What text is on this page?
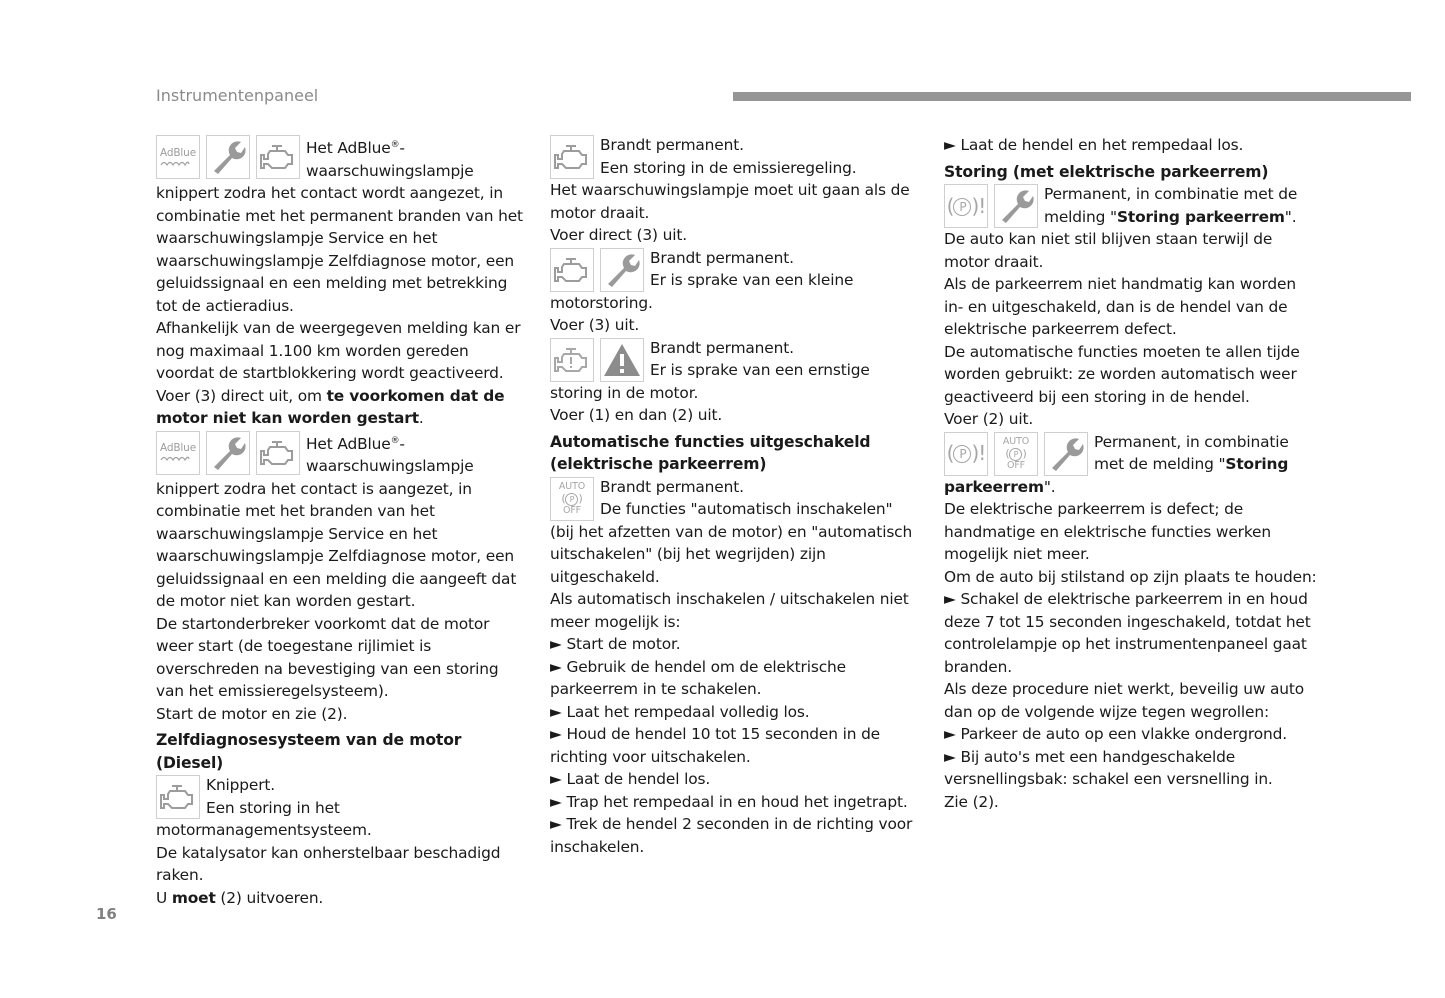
Instrumentenpaneel
AdBlue	Het AdBlue®-
waarschuwingslampje

knippert zodra het contact wordt aangezet, in combinatie met het permanent branden van het waarschuwingslampje Service en het waarschuwingslampje Zelfdiagnose motor, een geluidssignaal en een melding met betrekking tot de actieradius.

Afhankelijk van de weergegeven melding kan er nog maximaal 1.100 km worden gereden voordat de startblokkering wordt geactiveerd.

Voer (3) direct uit, om te voorkomen dat de motor niet kan worden gestart.

AdBlue	Het AdBlue®-
waarschuwingslampje

knippert zodra het contact is aangezet, in combinatie met het branden van het waarschuwingslampje Service en het waarschuwingslampje Zelfdiagnose motor, een geluidssignaal en een melding die aangeeft dat de motor niet kan worden gestart.

De startonderbreker voorkomt dat de motor weer start (de toegestane rijlimiet is overschreden na bevestiging van een storing van het emissieregelsysteem).

Start de motor en zie (2).

Zelfdiagnosesysteem van de motor (Diesel)

Knippert.
Een storing in het

motormanagementsysteem.

De katalysator kan onherstelbaar beschadigd raken.

U moet (2) uitvoeren.

Brandt permanent.
Een storing in de emissieregeling.

Het waarschuwingslampje moet uit gaan als de motor draait.

Voer direct (3) uit.

Brandt permanent.
Er is sprake van een kleine

motorstoring.

Voer (3) uit.

Brandt permanent.
Er is sprake van een ernstige

storing in de motor.

Voer (1) en dan (2) uit.

Automatische functies uitgeschakeld (elektrische parkeerrem)

AUTO
( P )
OFF

Brandt permanent.
De functies "automatisch inschakelen"

(bij het afzetten van de motor) en "automatisch uitschakelen" (bij het wegrijden) zijn uitgeschakeld.

Als automatisch inschakelen / uitschakelen niet meer mogelijk is:

► Start de motor.

► Gebruik de hendel om de elektrische parkeerrem in te schakelen.

► Laat het rempedaal volledig los.

► Houd de hendel 10 tot 15 seconden in de richting voor uitschakelen.

► Laat de hendel los.

► Trap het rempedaal in en houd het ingetrapt.

► Trek de hendel 2 seconden in de richting voor inschakelen.

► Laat de hendel en het rempedaal los.

Storing (met elektrische parkeerrem)

( P )!	Permanent, in combinatie met de
melding "Storing parkeerrem".

De auto kan niet stil blijven staan terwijl de motor draait.

Als de parkeerrem niet handmatig kan worden in- en uitgeschakeld, dan is de hendel van de elektrische parkeerrem defect.

De automatische functies moeten te allen tijde worden gebruikt: ze worden automatisch weer geactiveerd bij een storing in de hendel.

Voer (2) uit.

( P )!
AUTO
( P )
OFF

Permanent, in combinatie
met de melding "Storing

parkeerrem".

De elektrische parkeerrem is defect; de handmatige en elektrische functies werken mogelijk niet meer.

Om de auto bij stilstand op zijn plaats te houden:

► Schakel de elektrische parkeerrem in en houd deze 7 tot 15 seconden ingeschakeld, totdat het controlelampje op het instrumentenpaneel gaat branden.

Als deze procedure niet werkt, beveilig uw auto dan op de volgende wijze tegen wegrollen:

► Parkeer de auto op een vlakke ondergrond.

► Bij auto's met een handgeschakelde versnellingsbak: schakel een versnelling in.

Zie (2).

16
